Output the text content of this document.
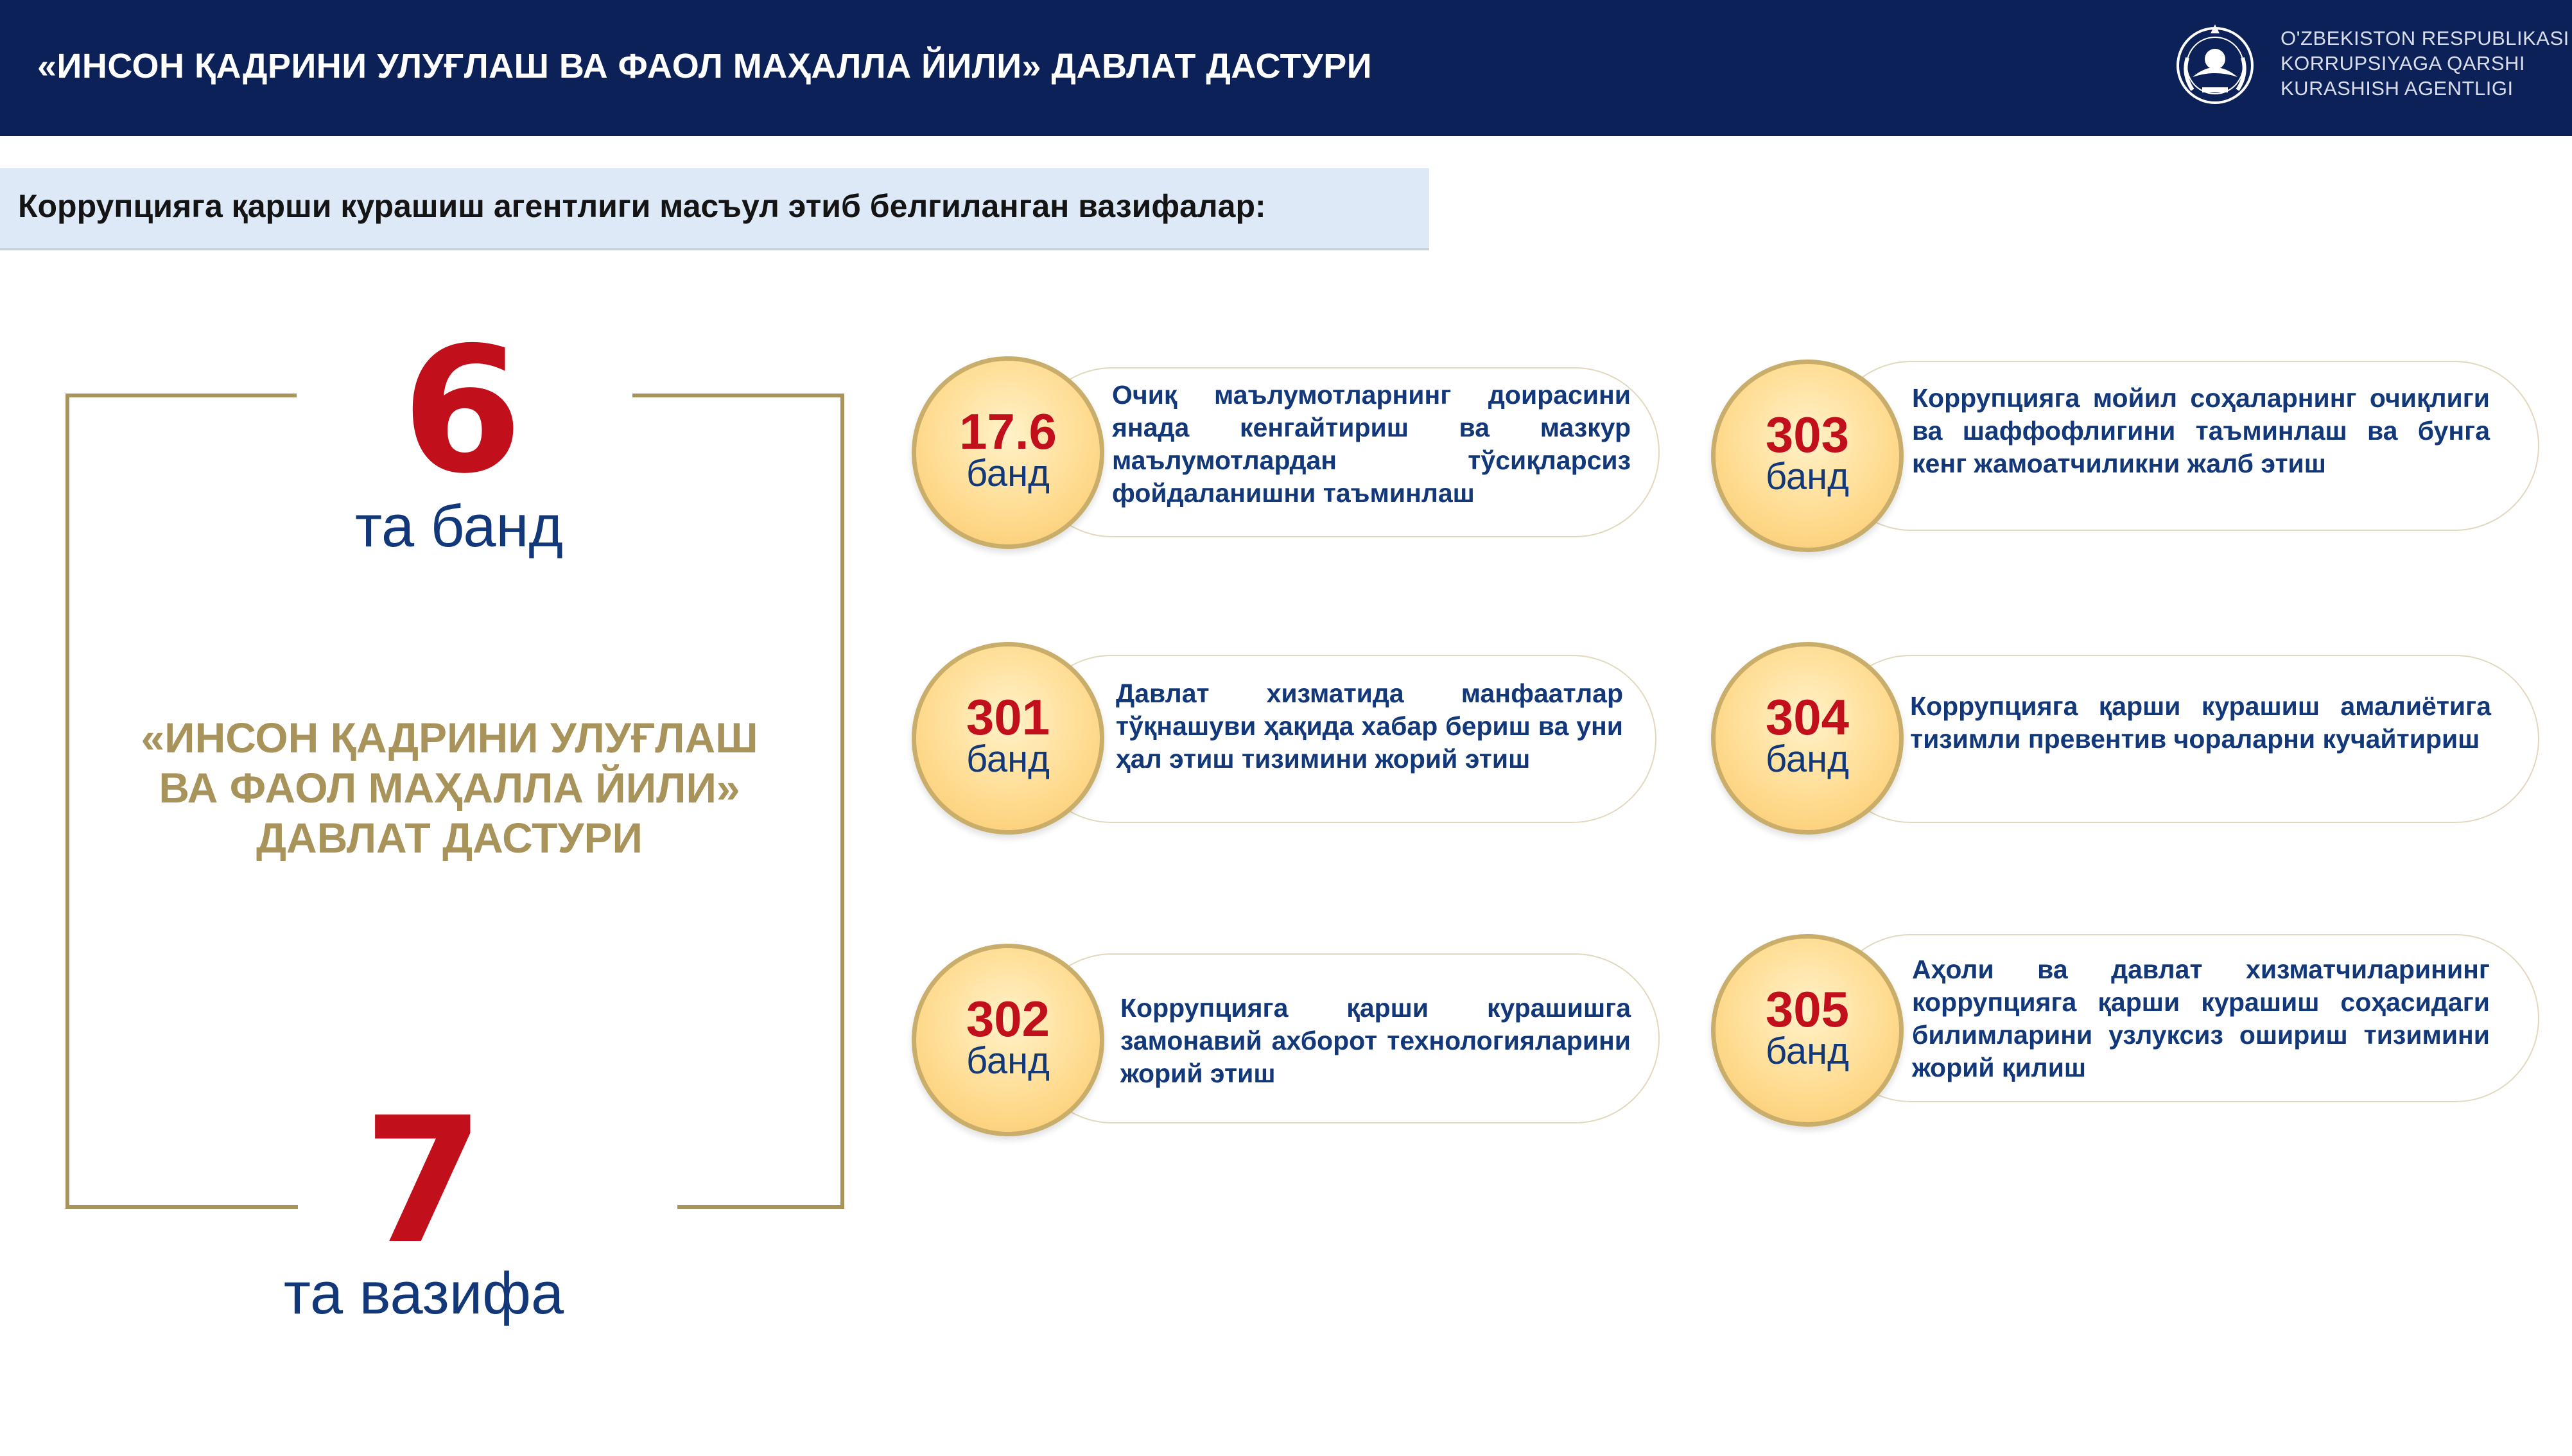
«ИНСОН ҚАДРИНИ УЛУҒЛАШ ВА ФАОЛ МАҲАЛЛА ЙИЛИ» ДАВЛАТ ДАСТУРИ
O'ZBEKISTON RESPUBLIKASI
KORRUPSIYAGA QARSHI
KURASHISH AGENTLIGI
Коррупцияга қарши курашиш агентлиги масъул этиб белгиланган вазифалар:
6
та банд
«ИНСОН ҚАДРИНИ УЛУҒЛАШ
ВА ФАОЛ МАҲАЛЛА ЙИЛИ»
ДАВЛАТ ДАСТУРИ
7
та вазифа
17.6
банд
Очиқ маълумотларнинг доирасини янада кенгайтириш ва мазкур маълумотлардан тўсиқларсиз фойдаланишни таъминлаш
303
банд
Коррупцияга мойил соҳаларнинг очиқлиги ва шаффофлигини таъминлаш ва бунга кенг жамоатчиликни жалб этиш
301
банд
Давлат хизматида манфаатлар тўқнашуви ҳақида хабар бериш ва уни ҳал этиш тизимини жорий этиш
304
банд
Коррупцияга қарши курашиш амалиётига тизимли превентив чораларни кучайтириш
302
банд
Коррупцияга қарши курашишга замонавий ахборот технологияларини жорий этиш
305
банд
Аҳоли ва давлат хизматчиларининг коррупцияга қарши курашиш соҳасидаги билимларини узлуксиз ошириш тизимини жорий қилиш
